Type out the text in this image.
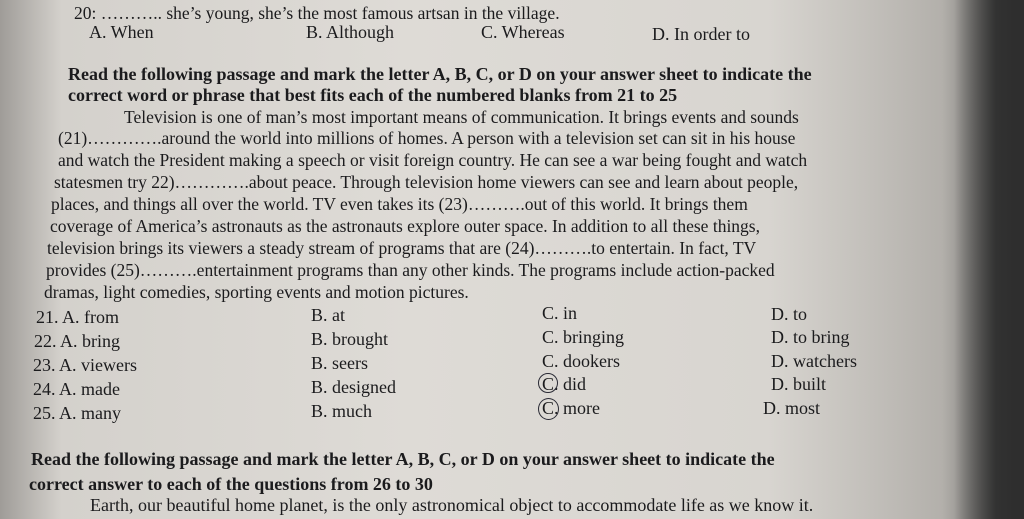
20: ……….. she’s young, she’s the most famous artsan in the village.
A. When	B. Although	C. Whereas	D. In order to
Read the following passage and mark the letter A, B, C, or D on your answer sheet to indicate the
correct word or phrase that best fits each of the numbered blanks from 21 to 25
Television is one of man’s most important means of communication. It brings events and sounds
(21)………….around the world into millions of homes. A person with a television set can sit in his house
and watch the President making a speech or visit foreign country. He can see a war being fought and watch
statesmen try 22)………….about peace. Through television home viewers can see and learn about people,
places, and things all over the world. TV even takes its (23)……….out of this world. It brings them
coverage of America’s astronauts as the astronauts explore outer space. In addition to all these things,
television brings its viewers a steady stream of programs that are (24)……….to entertain. In fact, TV
provides (25)……….entertainment programs than any other kinds. The programs include action-packed
dramas, light comedies, sporting events and motion pictures.
21. A. from	B. at	C. in	D. to
22. A. bring	B. brought	C. bringing	D. to bring
23. A. viewers	B. seers	C. dookers	D. watchers
24. A. made	B. designed	C. did	D. built
25. A. many	B. much	C. more	D. most
Read the following passage and mark the letter A, B, C, or D on your answer sheet to indicate the
correct answer to each of the questions from 26 to 30
Earth, our beautiful home planet, is the only astronomical object to accommodate life as we know it.
